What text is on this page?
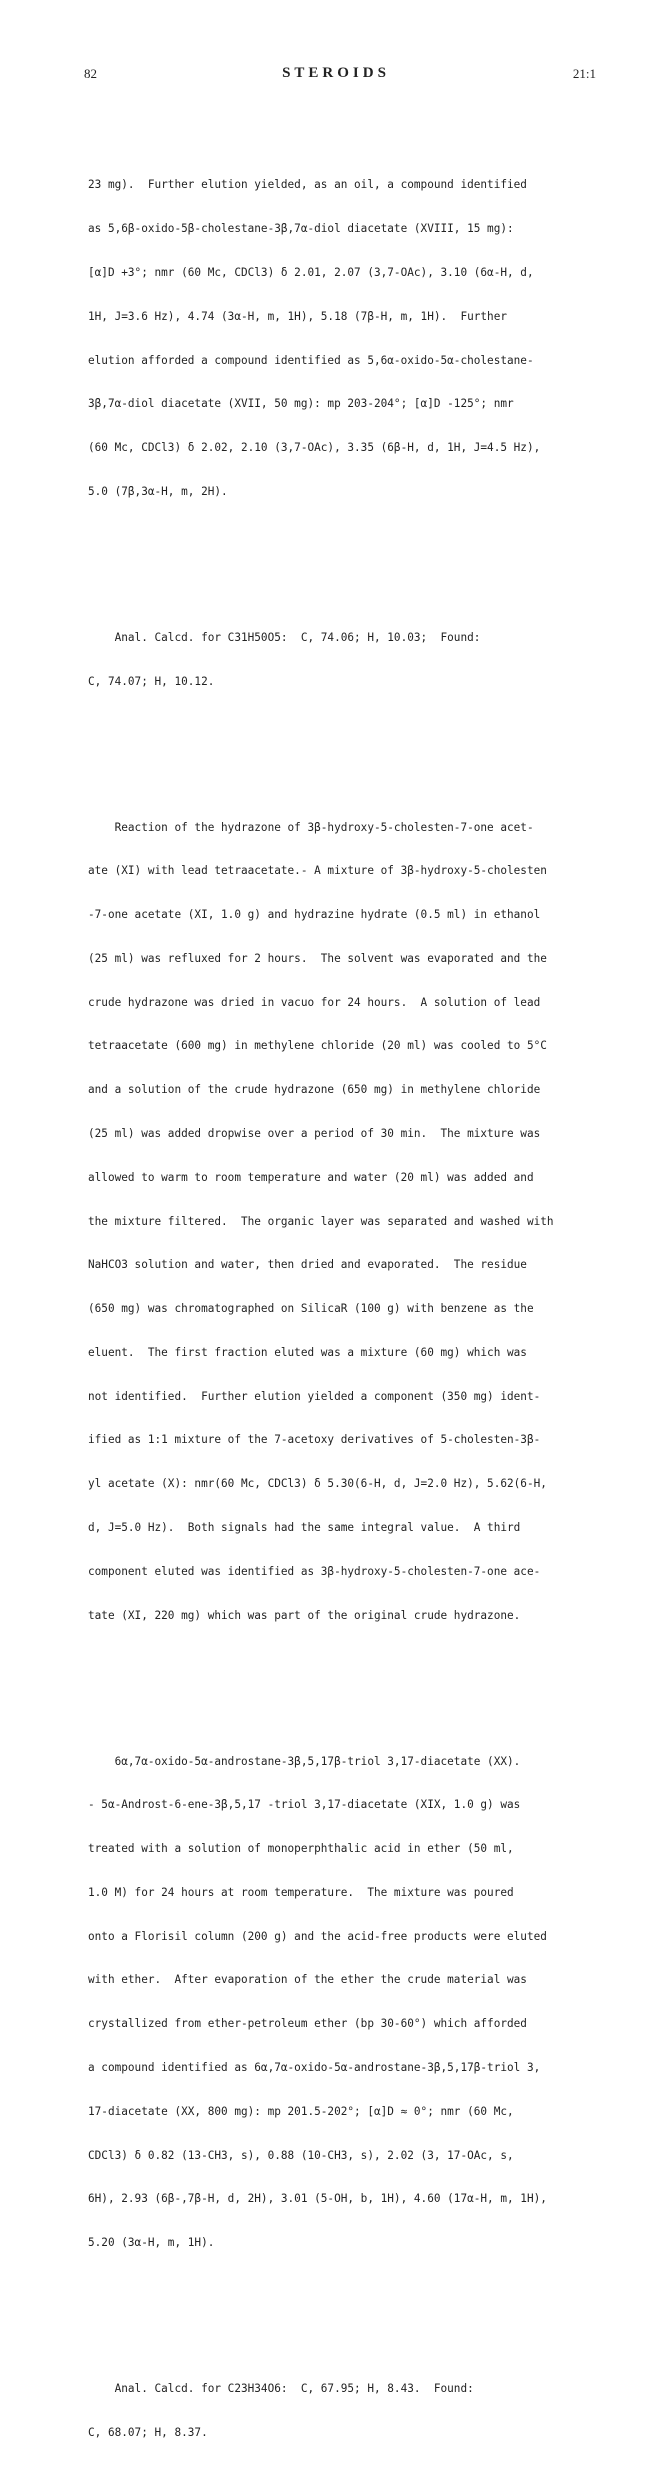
82	STEROIDS	21:1

23 mg).  Further elution yielded, as an oil, a compound identified

as 5,6β-oxido-5β-cholestane-3β,7α-diol diacetate (XVIII, 15 mg):

[α]D +3°; nmr (60 Mc, CDCl3) δ 2.01, 2.07 (3,7-OAc), 3.10 (6α-H, d,

1H, J=3.6 Hz), 4.74 (3α-H, m, 1H), 5.18 (7β-H, m, 1H).  Further

elution afforded a compound identified as 5,6α-oxido-5α-cholestane-

3β,7α-diol diacetate (XVII, 50 mg): mp 203-204°; [α]D -125°; nmr

(60 Mc, CDCl3) δ 2.02, 2.10 (3,7-OAc), 3.35 (6β-H, d, 1H, J=4.5 Hz),

5.0 (7β,3α-H, m, 2H).

Anal. Calcd. for C31H50O5:  C, 74.06; H, 10.03;  Found:

C, 74.07; H, 10.12.

Reaction of the hydrazone of 3β-hydroxy-5-cholesten-7-one acet-

ate (XI) with lead tetraacetate.- A mixture of 3β-hydroxy-5-cholesten

-7-one acetate (XI, 1.0 g) and hydrazine hydrate (0.5 ml) in ethanol

(25 ml) was refluxed for 2 hours.  The solvent was evaporated and the

crude hydrazone was dried in vacuo for 24 hours.  A solution of lead

tetraacetate (600 mg) in methylene chloride (20 ml) was cooled to 5°C

and a solution of the crude hydrazone (650 mg) in methylene chloride

(25 ml) was added dropwise over a period of 30 min.  The mixture was

allowed to warm to room temperature and water (20 ml) was added and

the mixture filtered.  The organic layer was separated and washed with

NaHCO3 solution and water, then dried and evaporated.  The residue

(650 mg) was chromatographed on SilicaR (100 g) with benzene as the

eluent.  The first fraction eluted was a mixture (60 mg) which was

not identified.  Further elution yielded a component (350 mg) ident-

ified as 1:1 mixture of the 7-acetoxy derivatives of 5-cholesten-3β-

yl acetate (X): nmr(60 Mc, CDCl3) δ 5.30(6-H, d, J=2.0 Hz), 5.62(6-H,

d, J=5.0 Hz).  Both signals had the same integral value.  A third

component eluted was identified as 3β-hydroxy-5-cholesten-7-one ace-

tate (XI, 220 mg) which was part of the original crude hydrazone.

6α,7α-oxido-5α-androstane-3β,5,17β-triol 3,17-diacetate (XX).

- 5α-Androst-6-ene-3β,5,17 -triol 3,17-diacetate (XIX, 1.0 g) was

treated with a solution of monoperphthalic acid in ether (50 ml,

1.0 M) for 24 hours at room temperature.  The mixture was poured

onto a Florisil column (200 g) and the acid-free products were eluted

with ether.  After evaporation of the ether the crude material was

crystallized from ether-petroleum ether (bp 30-60°) which afforded

a compound identified as 6α,7α-oxido-5α-androstane-3β,5,17β-triol 3,

17-diacetate (XX, 800 mg): mp 201.5-202°; [α]D ≈ 0°; nmr (60 Mc,

CDCl3) δ 0.82 (13-CH3, s), 0.88 (10-CH3, s), 2.02 (3, 17-OAc, s,

6H), 2.93 (6β-,7β-H, d, 2H), 3.01 (5-OH, b, 1H), 4.60 (17α-H, m, 1H),

5.20 (3α-H, m, 1H).

Anal. Calcd. for C23H34O6:  C, 67.95; H, 8.43.  Found:

C, 68.07; H, 8.37.
